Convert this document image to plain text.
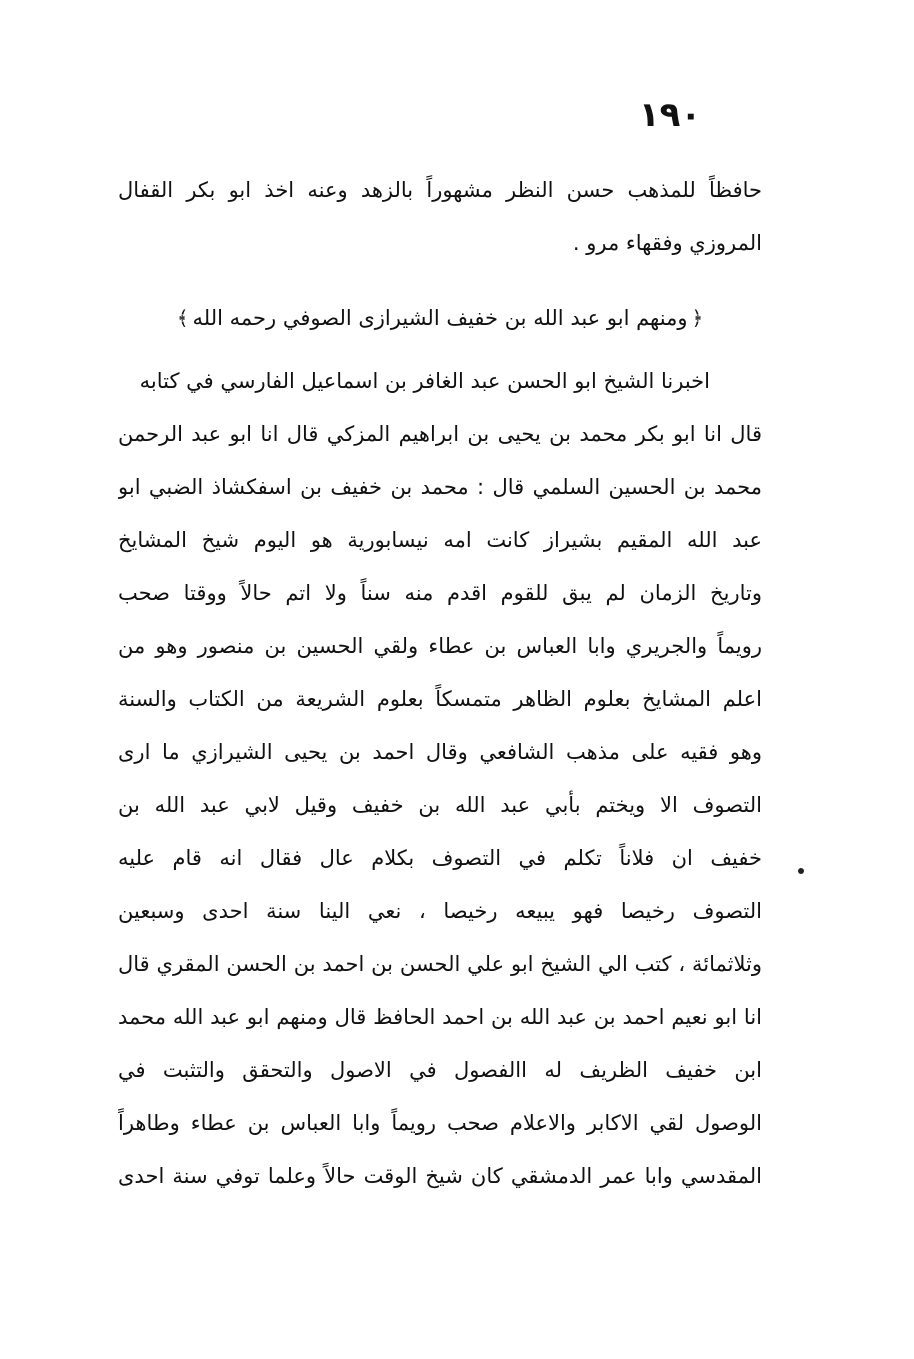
١٩٠
حافظاً للمذهب حسن النظر مشهوراً بالزهد وعنه اخذ ابو بكر القفال
المروزي وفقهاء مرو .
﴿ومنهم ابو عبد الله بن خفيف الشيرازى الصوفي رحمه الله﴾
اخبرنا الشيخ ابو الحسن عبد الغافر بن اسماعيل الفارسي في كتابه
قال انا ابو بكر محمد بن يحيى بن ابراهيم المزكي قال انا ابو عبد الرحمن
محمد بن الحسين السلمي قال : محمد بن خفيف بن اسفكشاذ الضبي ابو
عبد الله المقيم بشيراز كانت امه نيسابورية هو اليوم شيخ المشايخ
وتاريخ الزمان لم يبق للقوم اقدم منه سناً ولا اتم حالاً ووقتا صحب
رويماً والجريري وابا العباس بن عطاء ولقي الحسين بن منصور وهو من
اعلم المشايخ بعلوم الظاهر متمسكاً بعلوم الشريعة من الكتاب والسنة
وهو فقيه على مذهب الشافعي وقال احمد بن يحيى الشيرازي ما ارى
التصوف الا ويختم بأبي عبد الله بن خفيف وقيل لابي عبد الله بن
خفيف ان فلاناً تكلم في التصوف بكلام عال فقال انه قام عليه
التصوف رخيصا فهو يبيعه رخيصا ، نعي الينا سنة احدى وسبعين
وثلاثمائة ، كتب الي الشيخ ابو علي الحسن بن احمد بن الحسن المقري قال
انا ابو نعيم احمد بن عبد الله بن احمد الحافظ قال ومنهم ابو عبد الله محمد
ابن خفيف الظريف له االفصول في الاصول والتحقق والتثبت في
الوصول لقي الاكابر والاعلام صحب رويماً وابا العباس بن عطاء وطاهراً
المقدسي وابا عمر الدمشقي كان شيخ الوقت حالاً وعلما توفي سنة احدى
